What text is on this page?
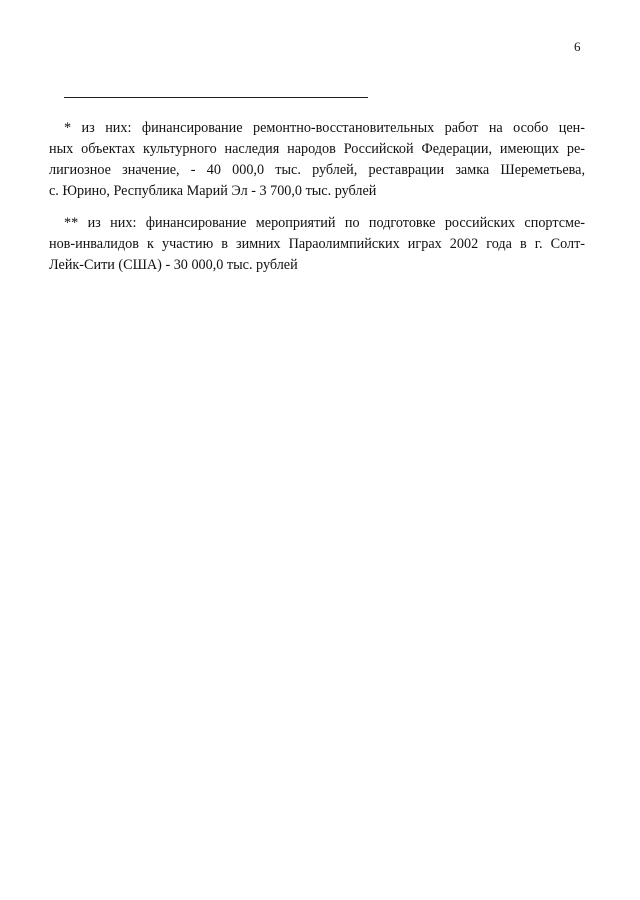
6

* из них: финансирование ремонтно-восстановительных работ на особо цен-
ных объектах культурного наследия народов Российской Федерации, имеющих ре-
лигиозное значение, - 40 000,0 тыс. рублей, реставрации замка Шереметьева,
с. Юрино, Республика Марий Эл - 3 700,0 тыс. рублей

** из них: финансирование мероприятий по подготовке российских спортсме-
нов-инвалидов к участию в зимних Параолимпийских играх 2002 года в г. Солт-
Лейк-Сити (США) - 30 000,0 тыс. рублей
